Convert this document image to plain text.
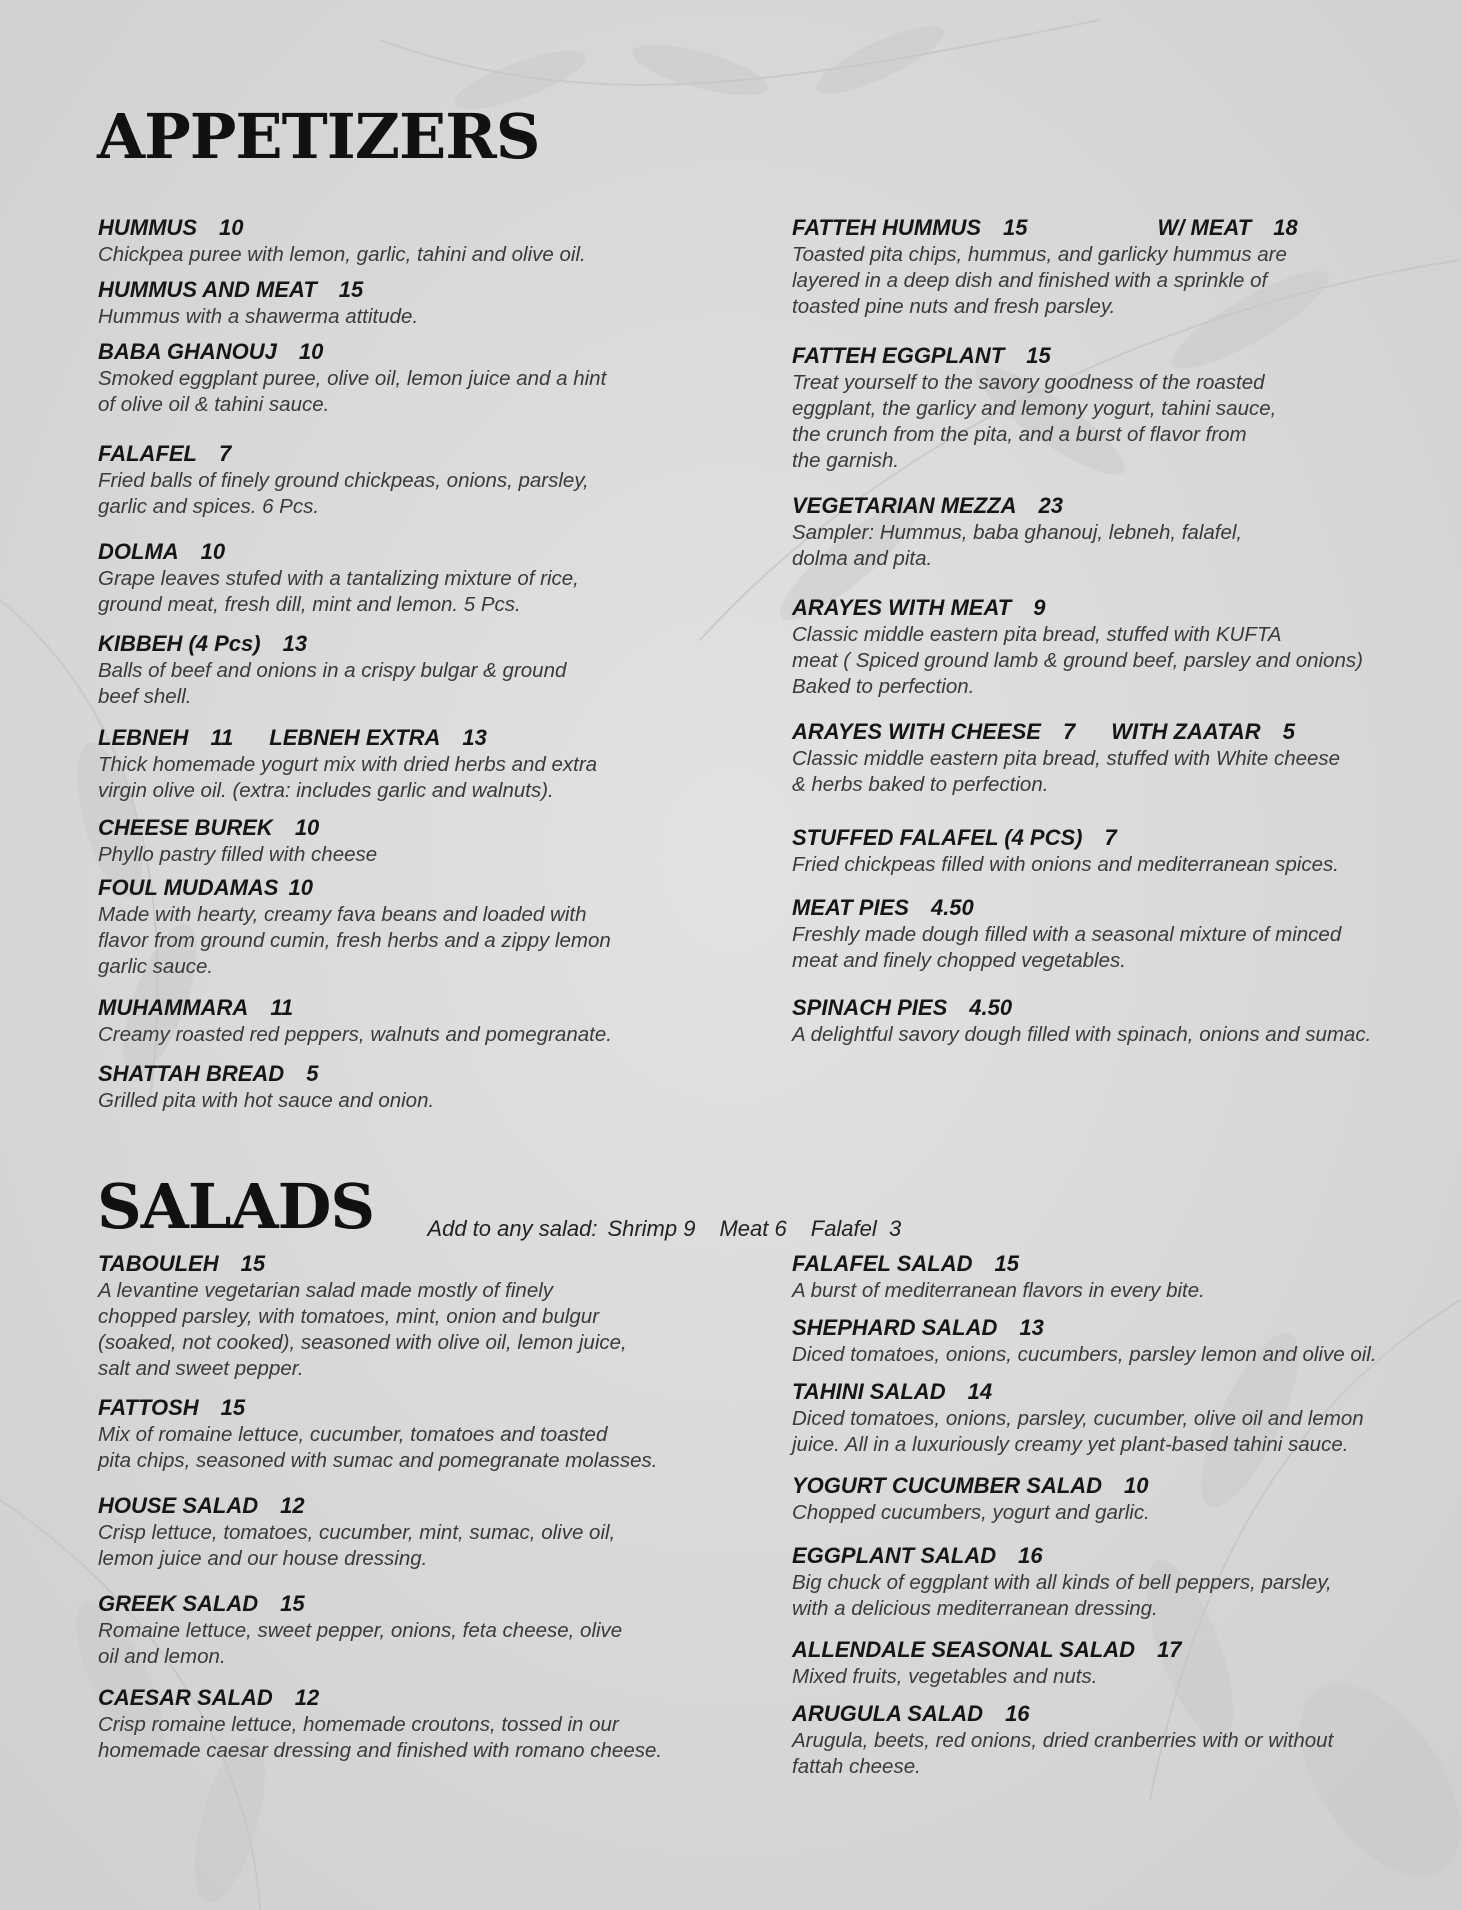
APPETIZERS
HUMMUS 10
Chickpea puree with lemon, garlic, tahini and olive oil.
HUMMUS AND MEAT 15
Hummus with a shawerma attitude.
BABA GHANOUJ 10
Smoked eggplant puree, olive oil, lemon juice and a hint
of olive oil & tahini sauce.
FALAFEL 7
Fried balls of finely ground chickpeas, onions, parsley,
garlic and spices. 6 Pcs.
DOLMA 10
Grape leaves stufed with a tantalizing mixture of rice,
ground meat, fresh dill, mint and lemon. 5 Pcs.
KIBBEH (4 Pcs) 13
Balls of beef and onions in a crispy bulgar & ground
beef shell.
LEBNEH 11 LEBNEH EXTRA 13
Thick homemade yogurt mix with dried herbs and extra
virgin olive oil. (extra: includes garlic and walnuts).
CHEESE BUREK 10
Phyllo pastry filled with cheese
FOUL MUDAMAS 10
Made with hearty, creamy fava beans and loaded with
flavor from ground cumin, fresh herbs and a zippy lemon
garlic sauce.
MUHAMMARA 11
Creamy roasted red peppers, walnuts and pomegranate.
SHATTAH BREAD 5
Grilled pita with hot sauce and onion.
FATTEH HUMMUS 15	W/ MEAT 18
Toasted pita chips, hummus, and garlicky hummus are
layered in a deep dish and finished with a sprinkle of
toasted pine nuts and fresh parsley.
FATTEH EGGPLANT 15
Treat yourself to the savory goodness of the roasted
eggplant, the garlicy and lemony yogurt, tahini sauce,
the crunch from the pita, and a burst of flavor from
the garnish.
VEGETARIAN MEZZA 23
Sampler: Hummus, baba ghanouj, lebneh, falafel,
dolma and pita.
ARAYES WITH MEAT 9
Classic middle eastern pita bread, stuffed with KUFTA
meat ( Spiced ground lamb & ground beef, parsley and onions)
Baked to perfection.
ARAYES WITH CHEESE 7 WITH ZAATAR 5
Classic middle eastern pita bread, stuffed with White cheese
& herbs baked to perfection.
STUFFED FALAFEL (4 PCS) 7
Fried chickpeas filled with onions and mediterranean spices.
MEAT PIES 4.50
Freshly made dough filled with a seasonal mixture of minced
meat and finely chopped vegetables.
SPINACH PIES 4.50
A delightful savory dough filled with spinach, onions and sumac.
SALADS	Add to any salad: Shrimp 9 Meat 6 Falafel  3

TABOULEH 15
A levantine vegetarian salad made mostly of finely
chopped parsley, with tomatoes, mint, onion and bulgur
(soaked, not cooked), seasoned with olive oil, lemon juice,
salt and sweet pepper.
FATTOSH 15
Mix of romaine lettuce, cucumber, tomatoes and toasted
pita chips, seasoned with sumac and pomegranate molasses.
HOUSE SALAD 12
Crisp lettuce, tomatoes, cucumber, mint, sumac, olive oil,
lemon juice and our house dressing.
GREEK SALAD 15
Romaine lettuce, sweet pepper, onions, feta cheese, olive
oil and lemon.
CAESAR SALAD 12
Crisp romaine lettuce, homemade croutons, tossed in our
homemade caesar dressing and finished with romano cheese.
FALAFEL SALAD 15
A burst of mediterranean flavors in every bite.
SHEPHARD SALAD 13
Diced tomatoes, onions, cucumbers, parsley lemon and olive oil.
TAHINI SALAD 14
Diced tomatoes, onions, parsley, cucumber, olive oil and lemon
juice. All in a luxuriously creamy yet plant-based tahini sauce.
YOGURT CUCUMBER SALAD 10
Chopped cucumbers, yogurt and garlic.
EGGPLANT SALAD 16
Big chuck of eggplant with all kinds of bell peppers, parsley,
with a delicious mediterranean dressing.
ALLENDALE SEASONAL SALAD 17
Mixed fruits, vegetables and nuts.
ARUGULA SALAD 16
Arugula, beets, red onions, dried cranberries with or without
fattah cheese.
